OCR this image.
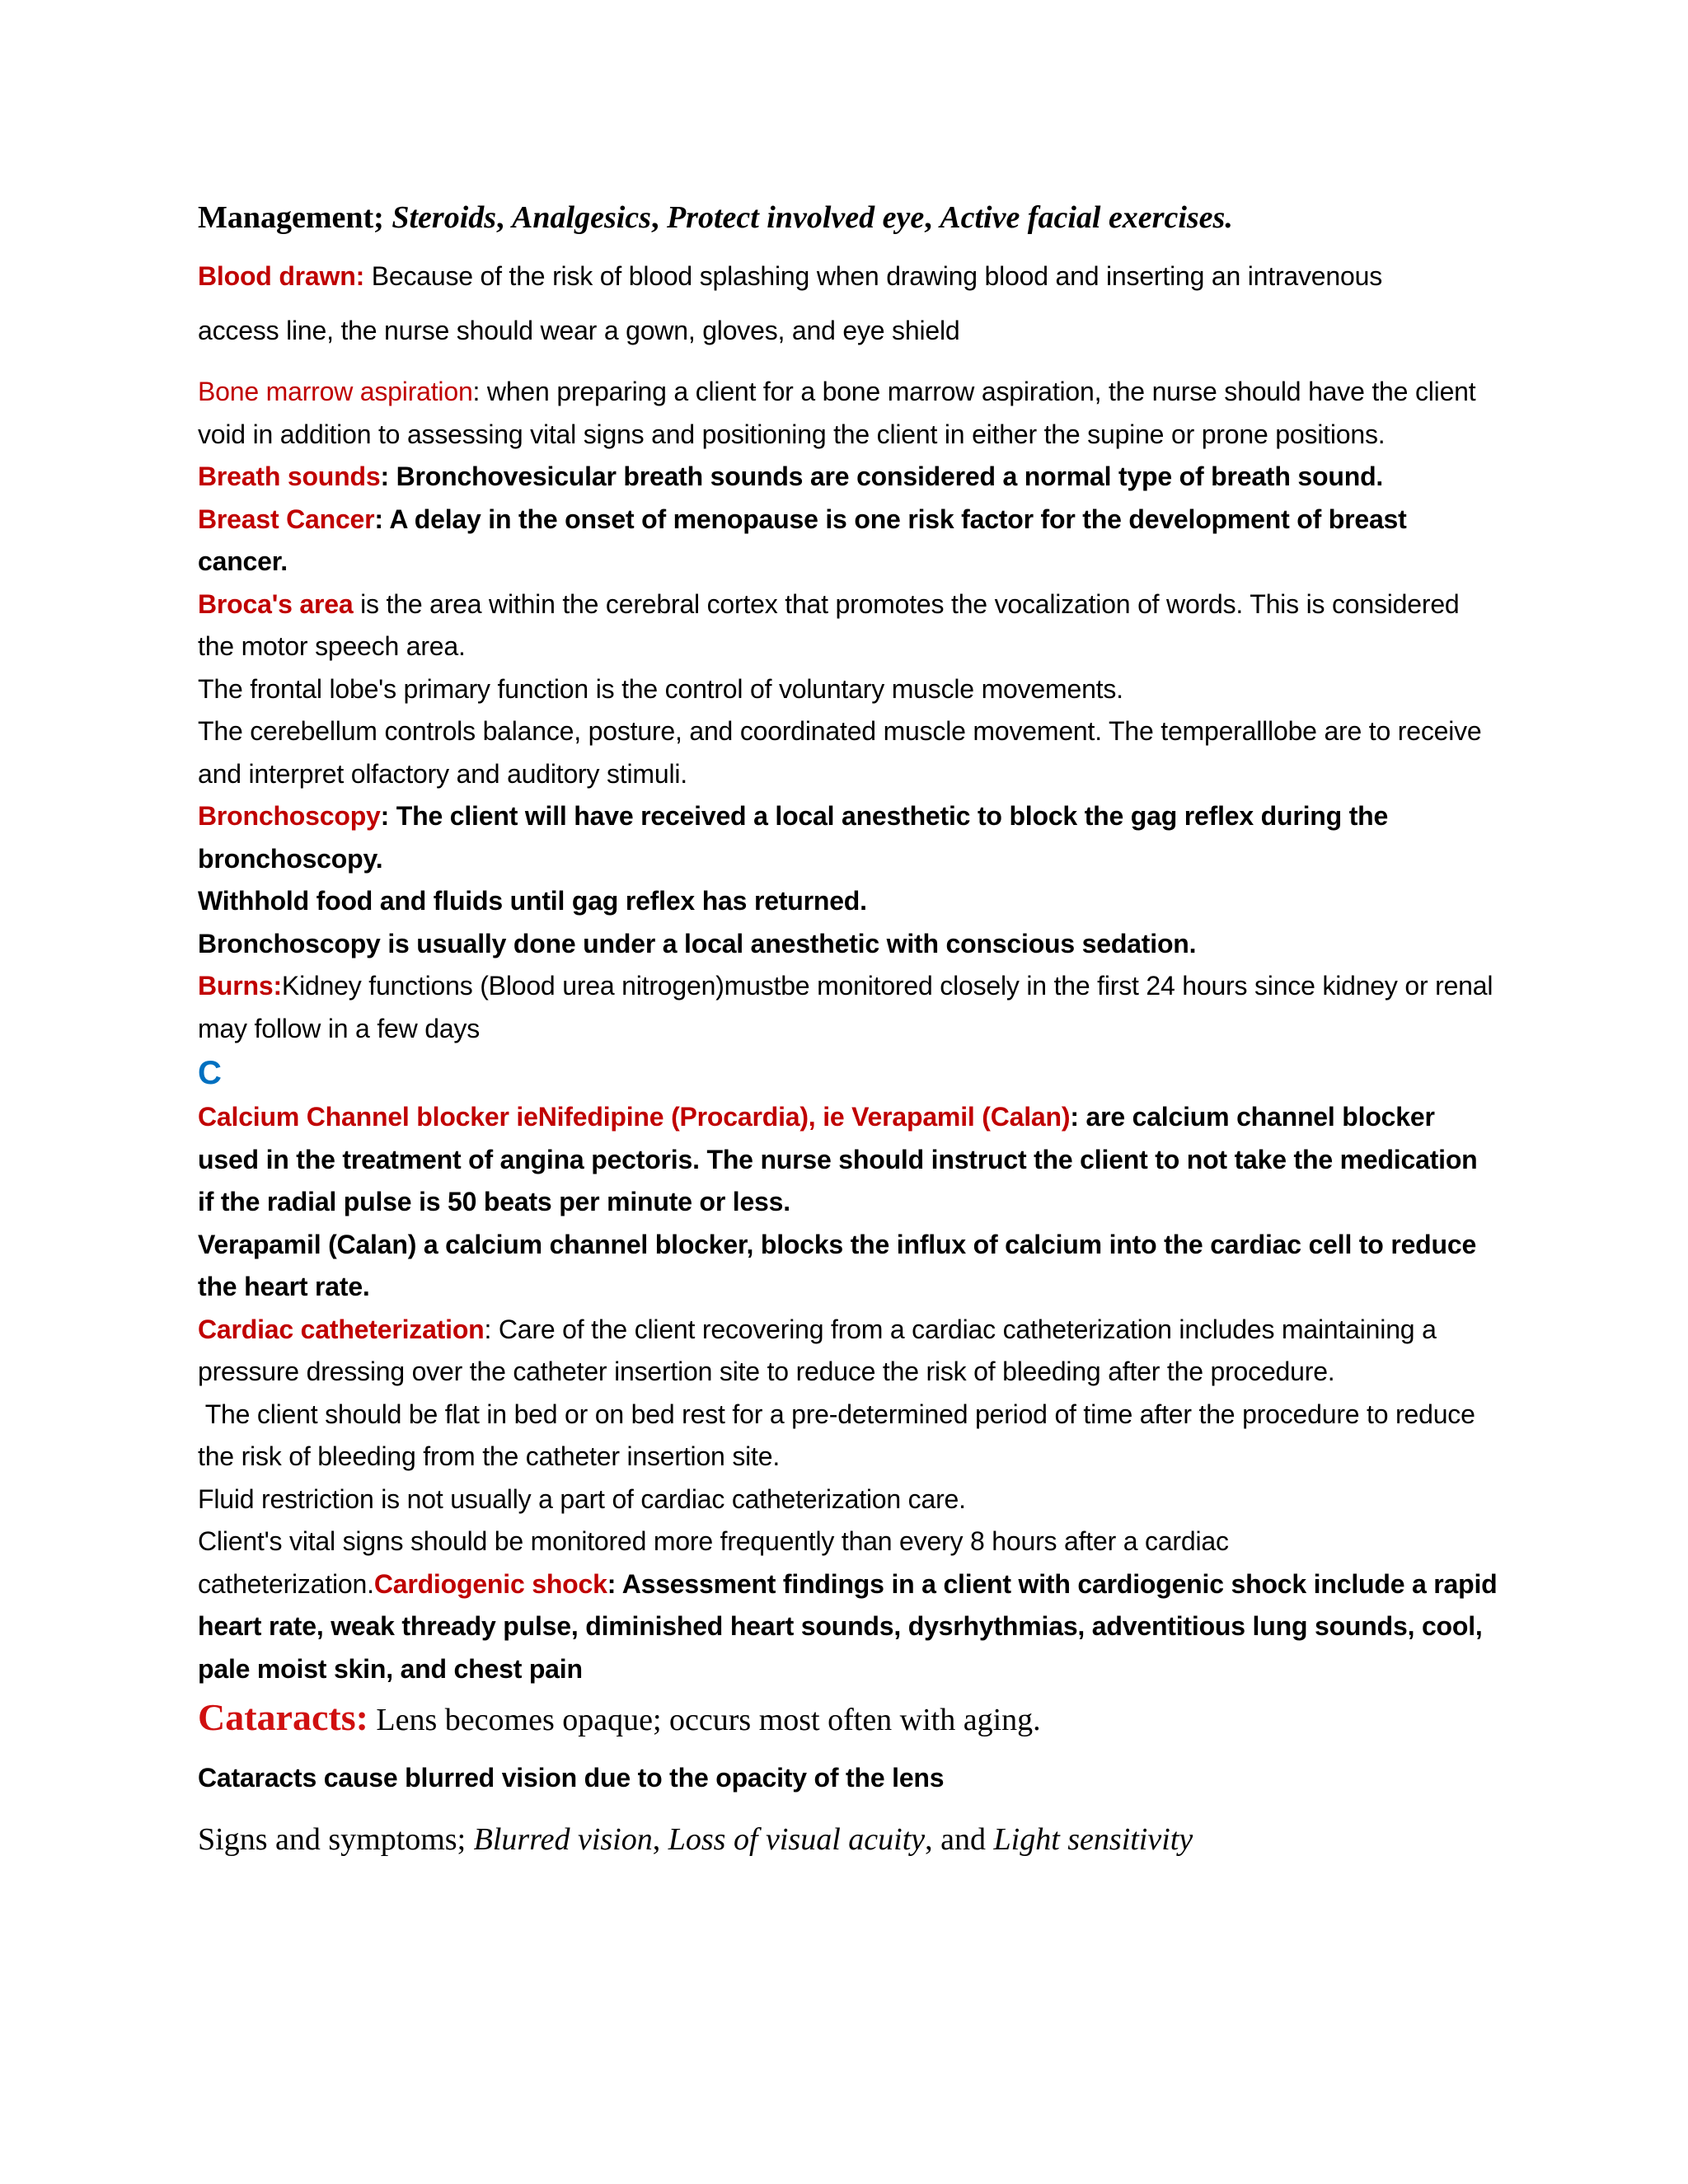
Management; Steroids, Analgesics, Protect involved eye, Active facial exercises.

Blood drawn: Because of the risk of blood splashing when drawing blood and inserting an intravenous

access line, the nurse should wear a gown, gloves, and eye shield

Bone marrow aspiration: when preparing a client for a bone marrow aspiration, the nurse should have the client void in addition to assessing vital signs and positioning the client in either the supine or prone positions.

Breath sounds: Bronchovesicular breath sounds are considered a normal type of breath sound.

Breast Cancer: A delay in the onset of menopause is one risk factor for the development of breast cancer.

Broca's area is the area within the cerebral cortex that promotes the vocalization of words. This is considered the motor speech area.

The frontal lobe's primary function is the control of voluntary muscle movements.

The cerebellum controls balance, posture, and coordinated muscle movement. The temperalllobe are to receive and interpret olfactory and auditory stimuli.

Bronchoscopy: The client will have received a local anesthetic to block the gag reflex during the bronchoscopy.

Withhold food and fluids until gag reflex has returned.

Bronchoscopy is usually done under a local anesthetic with conscious sedation.

Burns:Kidney functions (Blood urea nitrogen)mustbe monitored closely in the first 24 hours since kidney or renal may follow in a few days

C

Calcium Channel blocker ieNifedipine (Procardia), ie Verapamil (Calan): are calcium channel blocker used in the treatment of angina pectoris. The nurse should instruct the client to not take the medication if the radial pulse is 50 beats per minute or less.

Verapamil (Calan) a calcium channel blocker, blocks the influx of calcium into the cardiac cell to reduce the heart rate.

Cardiac catheterization: Care of the client recovering from a cardiac catheterization includes maintaining a pressure dressing over the catheter insertion site to reduce the risk of bleeding after the procedure.

The client should be flat in bed or on bed rest for a pre-determined period of time after the procedure to reduce the risk of bleeding from the catheter insertion site.

Fluid restriction is not usually a part of cardiac catheterization care.

Client's vital signs should be monitored more frequently than every 8 hours after a cardiac catheterization.Cardiogenic shock: Assessment findings in a client with cardiogenic shock include a rapid heart rate, weak thready pulse, diminished heart sounds, dysrhythmias, adventitious lung sounds, cool, pale moist skin, and chest pain

Cataracts: Lens becomes opaque; occurs most often with aging.

Cataracts cause blurred vision due to the opacity of the lens

Signs and symptoms; Blurred vision, Loss of visual acuity, and Light sensitivity
